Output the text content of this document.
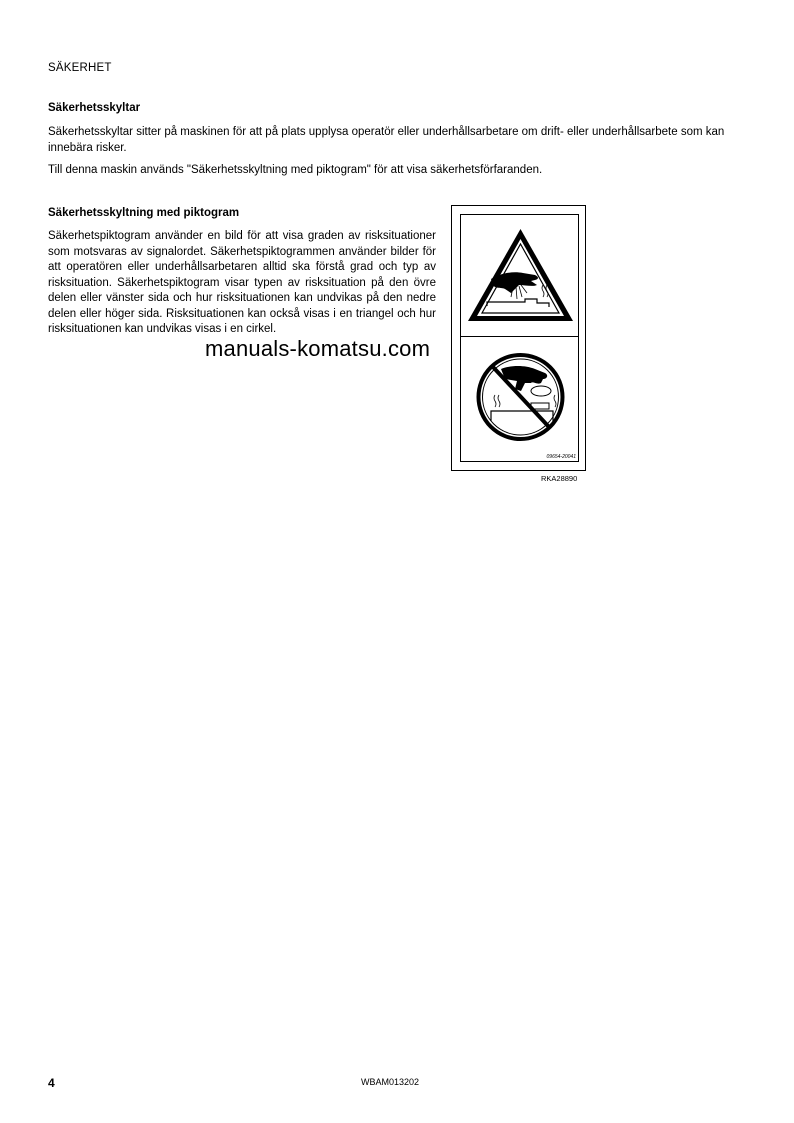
SÄKERHET
Säkerhetsskyltar
Säkerhetsskyltar sitter på maskinen för att på plats upplysa operatör eller underhållsarbetare om drift- eller underhållsarbete som kan innebära risker.
Till denna maskin används "Säkerhetsskyltning med piktogram" för att visa säkerhetsförfaranden.
Säkerhetsskyltning med piktogram
Säkerhetspiktogram använder en bild för att visa graden av risksituationer som motsvaras av signalordet. Säkerhetspiktogrammen använder bilder för att operatören eller underhållsarbetaren alltid ska förstå grad och typ av risksituation. Säkerhetspiktogram visar typen av risksituation på den övre delen eller vänster sida och hur risksituationen kan undvikas på den nedre delen eller höger sida. Risksituationen kan också visas i en triangel och hur risksituationen kan undvikas visas i en cirkel.
09654-20041
RKA28890
manuals-komatsu.com
4	WBAM013202
